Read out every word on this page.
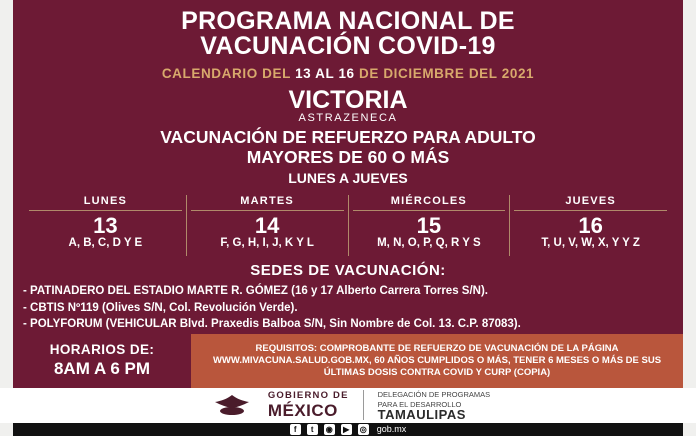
PROGRAMA NACIONAL DE
VACUNACIÓN COVID-19
CALENDARIO DEL 13 AL 16 DE DICIEMBRE DEL 2021
VICTORIA
ASTRAZENECA
VACUNACIÓN DE REFUERZO PARA ADULTO
MAYORES DE 60 O MÁS
LUNES A JUEVES
LUNES
13
A, B, C, D Y E
MARTES
14
F, G, H, I, J, K Y L
MIÉRCOLES
15
M, N, O, P, Q, R Y S
JUEVES
16
T, U, V, W, X, Y Y Z
SEDES DE VACUNACIÓN:
- PATINADERO DEL ESTADIO MARTE R. GÓMEZ (16 y 17 Alberto Carrera Torres S/N).
- CBTIS Nº119 (Olives S/N, Col. Revolución Verde).
- POLYFORUM (VEHICULAR Blvd. Praxedis Balboa S/N, Sin Nombre de Col. 13. C.P. 87083).
HORARIOS DE:
8AM A 6 PM
REQUISITOS: COMPROBANTE DE REFUERZO DE VACUNACIÓN DE LA PÁGINA WWW.MIVACUNA.SALUD.GOB.MX, 60 AÑOS CUMPLIDOS O MÁS, TENER 6 MESES O MÁS DE SUS ÚLTIMAS DOSIS CONTRA COVID Y CURP (COPIA)
GOBIERNO DE
MÉXICO
DELEGACIÓN DE PROGRAMAS
PARA EL DESARROLLO
TAMAULIPAS
f	t	◉	▶	◎ gob.mx
